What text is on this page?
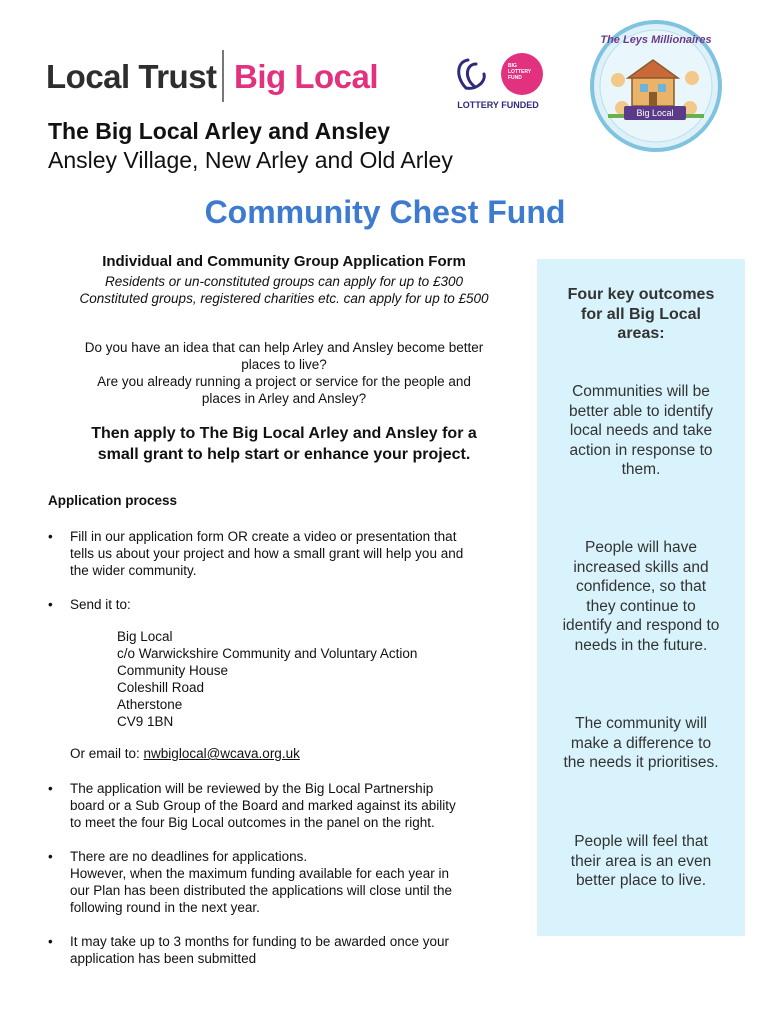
Local Trust Big Local	BIG LOTTERY FUND
LOTTERY FUNDED
The Leys Millionaires
Big Local
The Big Local Arley and Ansley
Ansley Village, New Arley and Old Arley
Community Chest Fund
Individual and Community Group Application Form
Residents or un-constituted groups can apply for up to £300
Constituted groups, registered charities etc. can apply for up to £500
Do you have an idea that can help Arley and Ansley become better
places to live?
Are you already running a project or service for the people and
places in Arley and Ansley?
Then apply to The Big Local Arley and Ansley for a
small grant to help start or enhance your project.
Application process
• Fill in our application form OR create a video or presentation that
tells us about your project and how a small grant will help you and
the wider community.
• Send it to:
Big Local
c/o Warwickshire Community and Voluntary Action
Community House
Coleshill Road
Atherstone
CV9 1BN
Or email to: nwbiglocal@wcava.org.uk
• The application will be reviewed by the Big Local Partnership
board or a Sub Group of the Board and marked against its ability
to meet the four Big Local outcomes in the panel on the right.
• There are no deadlines for applications.
However, when the maximum funding available for each year in
our Plan has been distributed the applications will close until the
following round in the next year.
• It may take up to 3 months for funding to be awarded once your
application has been submitted
Four key outcomes
for all Big Local
areas:
Communities will be
better able to identify
local needs and take
action in response to
them.
People will have
increased skills and
confidence, so that
they continue to
identify and respond to
needs in the future.
The community will
make a difference to
the needs it prioritises.
People will feel that
their area is an even
better place to live.
